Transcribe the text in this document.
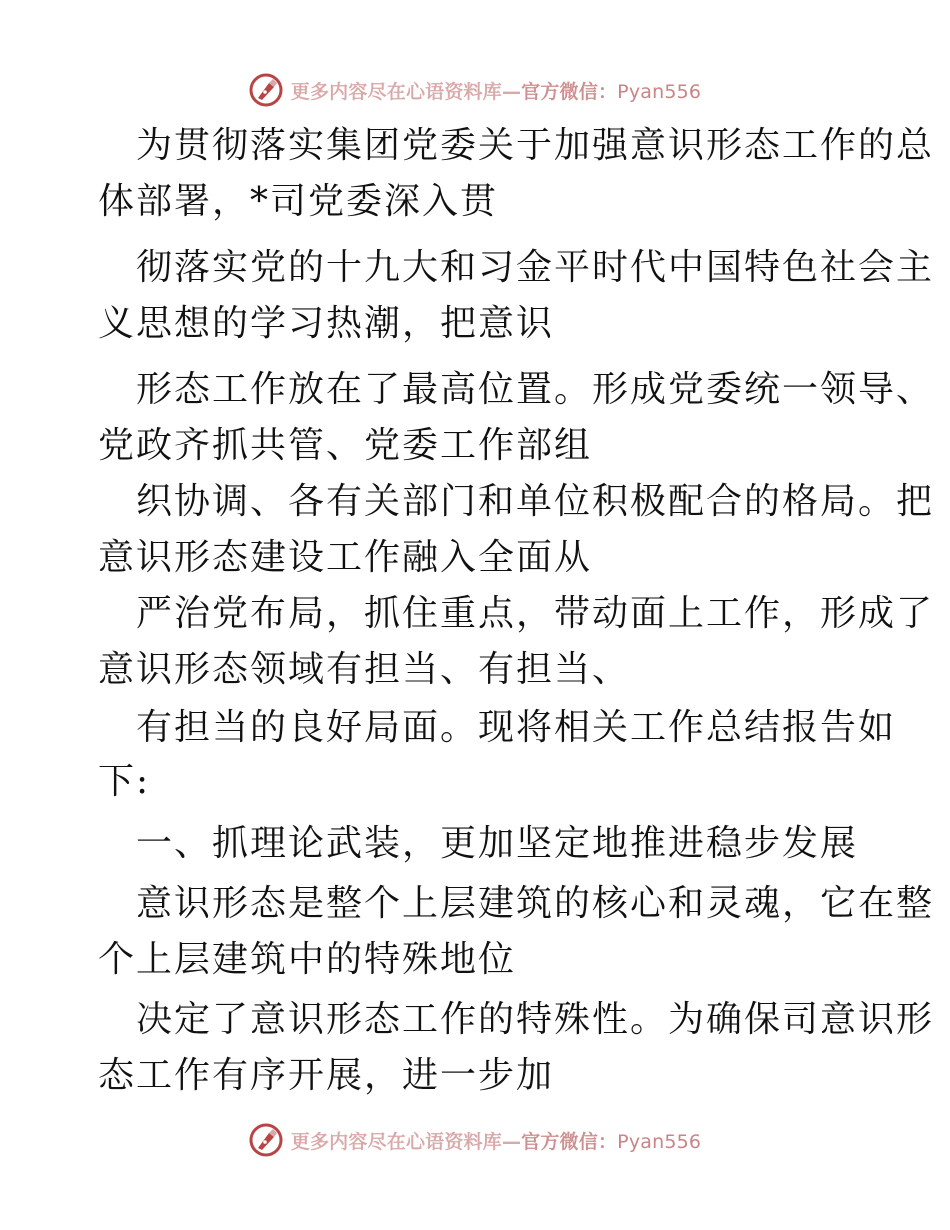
更多内容尽在心语资料库—官方微信：Pyan556
为贯彻落实集团党委关于加强意识形态工作的总
体部署，*司党委深入贯
彻落实党的十九大和习金平时代中国特色社会主
义思想的学习热潮，把意识
形态工作放在了最高位置。形成党委统一领导、
党政齐抓共管、党委工作部组
织协调、各有关部门和单位积极配合的格局。把
意识形态建设工作融入全面从
严治党布局，抓住重点，带动面上工作，形成了
意识形态领域有担当、有担当、
有担当的良好局面。现将相关工作总结报告如
下:
一、抓理论武装，更加坚定地推进稳步发展
意识形态是整个上层建筑的核心和灵魂，它在整
个上层建筑中的特殊地位
决定了意识形态工作的特殊性。为确保司意识形
态工作有序开展，进一步加
更多内容尽在心语资料库—官方微信：Pyan556
